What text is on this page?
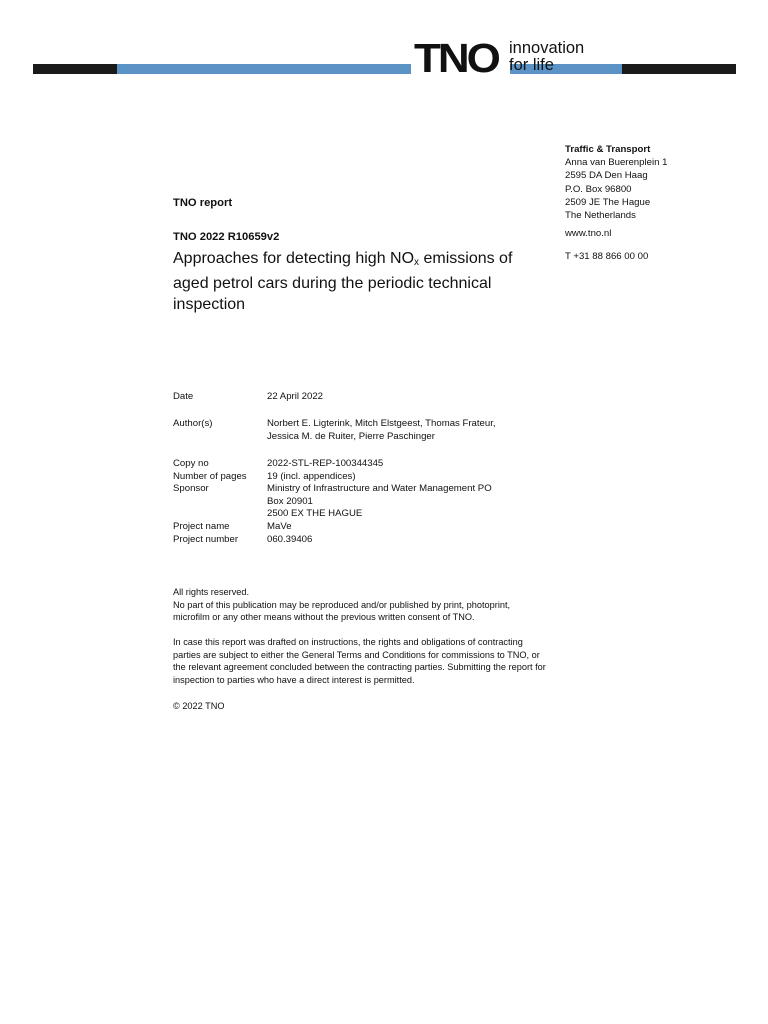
TNO innovation
for life
Traffic & Transport
Anna van Buerenplein 1
2595 DA Den Haag
P.O. Box 96800
2509 JE The Hague
The Netherlands
www.tno.nl
T +31 88 866 00 00
TNO report
TNO 2022 R10659v2
Approaches for detecting high $NO_x$ emissions of aged petrol cars during the periodic technical inspection
Date	22 April 2022
Author(s)	Norbert E. Ligterink, Mitch Elstgeest, Thomas Frateur,
Jessica M. de Ruiter, Pierre Paschinger
Copy no	2022-STL-REP-100344345
Number of pages 19 (incl. appendices)
Sponsor	Ministry of Infrastructure and Water Management PO
Box 20901
2500 EX THE HAGUE
Project name	MaVe
Project number	060.39406
All rights reserved.
No part of this publication may be reproduced and/or published by print, photoprint,
microfilm or any other means without the previous written consent of TNO.
In case this report was drafted on instructions, the rights and obligations of contracting
parties are subject to either the General Terms and Conditions for commissions to TNO, or
the relevant agreement concluded between the contracting parties. Submitting the report for
inspection to parties who have a direct interest is permitted.
© 2022 TNO
